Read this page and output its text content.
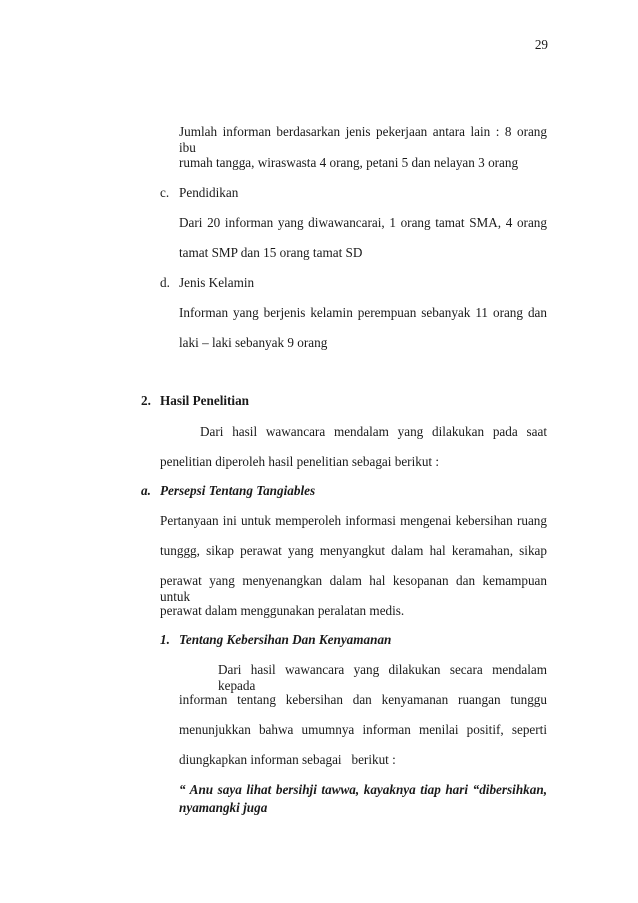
29
Jumlah informan berdasarkan jenis pekerjaan antara lain : 8 orang ibu
rumah tangga, wiraswasta 4 orang, petani 5 dan nelayan 3 orang
c. Pendidikan
Dari 20 informan yang diwawancarai, 1 orang tamat SMA, 4 orang
tamat SMP dan 15 orang tamat SD
d. Jenis Kelamin
Informan yang berjenis kelamin perempuan sebanyak 11 orang dan
laki – laki sebanyak 9 orang
2. Hasil Penelitian
Dari hasil wawancara mendalam yang dilakukan pada saat
penelitian diperoleh hasil penelitian sebagai berikut :
a. Persepsi Tentang Tangiables
Pertanyaan ini untuk memperoleh informasi mengenai kebersihan ruang
tunggg, sikap perawat yang menyangkut dalam hal keramahan, sikap
perawat yang menyenangkan dalam hal kesopanan dan kemampuan untuk
perawat dalam menggunakan peralatan medis.
1. Tentang Kebersihan Dan Kenyamanan
Dari hasil wawancara yang dilakukan secara mendalam kepada
informan tentang kebersihan dan kenyamanan ruangan tunggu
menunjukkan bahwa umumnya informan menilai positif, seperti
diungkapkan informan sebagai   berikut :
“ Anu saya lihat bersihji tawwa, kayaknya tiap hari “dibersihkan,
nyamangki juga
